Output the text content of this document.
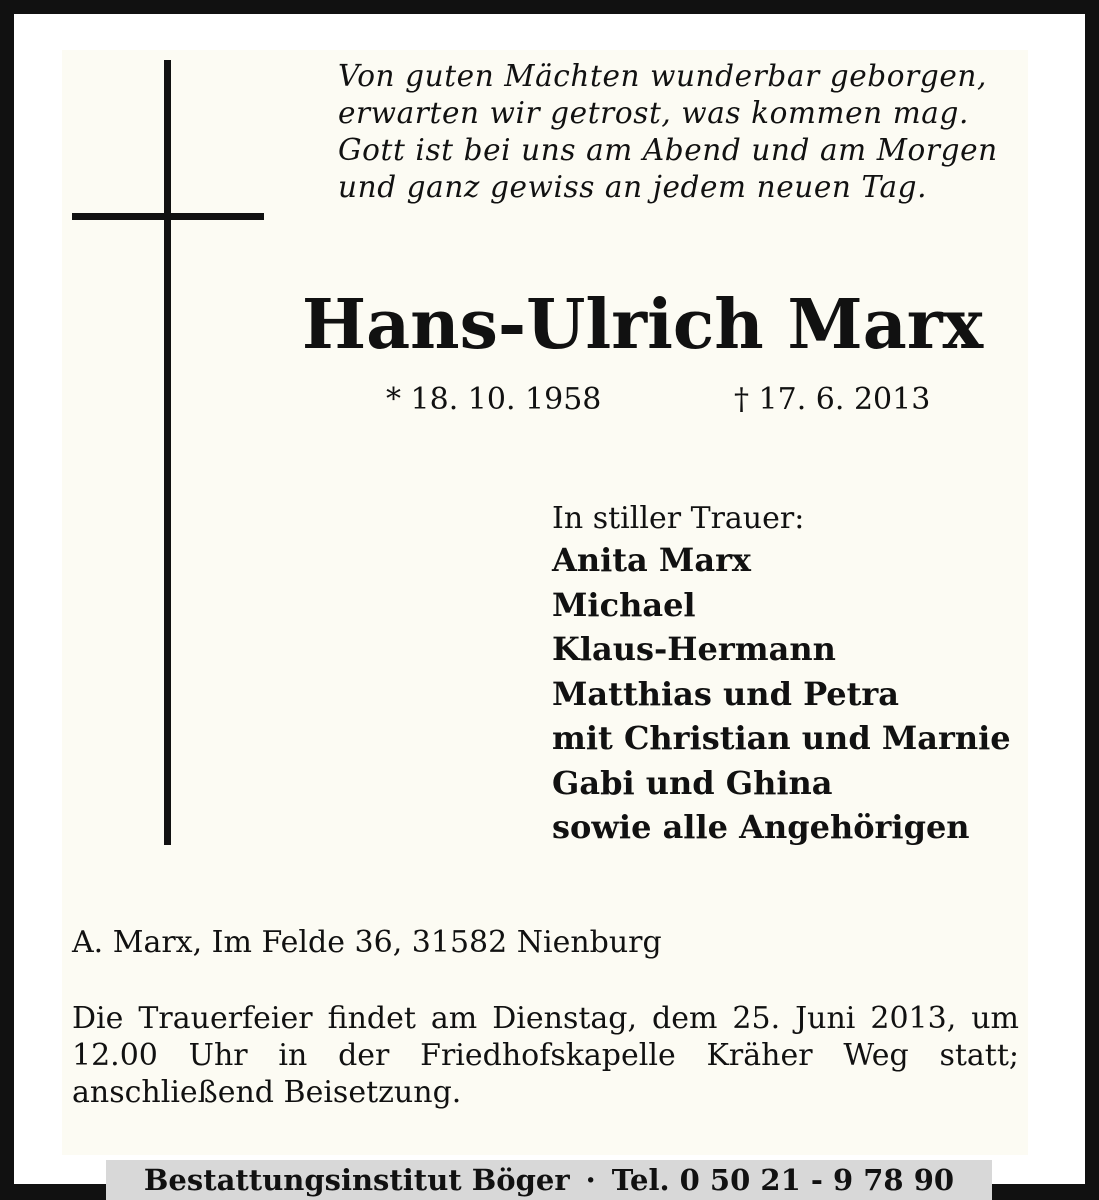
Von guten Mächten wunderbar geborgen,
erwarten wir getrost, was kommen mag.
Gott ist bei uns am Abend und am Morgen
und ganz gewiss an jedem neuen Tag.
Hans-Ulrich Marx
* 18. 10. 1958	† 17. 6. 2013
In stiller Trauer:
Anita Marx
Michael
Klaus-Hermann
Matthias und Petra
mit Christian und Marnie
Gabi und Ghina
sowie alle Angehörigen
A. Marx, Im Felde 36, 31582 Nienburg
Die Trauerfeier findet am Dienstag, dem 25. Juni 2013, um 12.00 Uhr in der Friedhofskapelle Kräher Weg statt; anschließend Beisetzung.
Bestattungsinstitut Böger · Tel. 0 50 21 - 9 78 90
